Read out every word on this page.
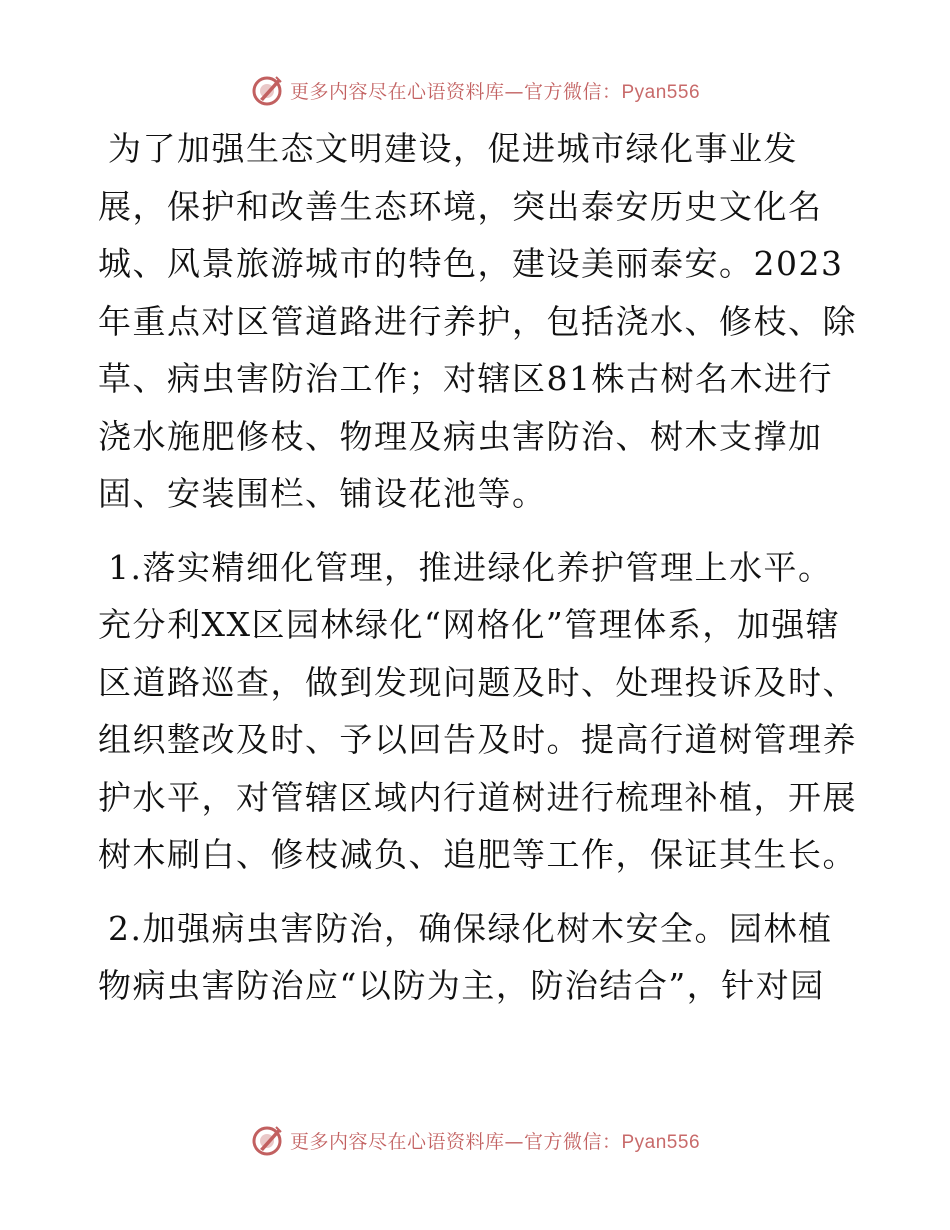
更多内容尽在心语资料库—官方微信：Pyan556

为了加强生态文明建设，促进城市绿化事业发展，保护和改善生态环境，突出泰安历史文化名城、风景旅游城市的特色，建设美丽泰安。2023年重点对区管道路进行养护，包括浇水、修枝、除草、病虫害防治工作；对辖区81株古树名木进行浇水施肥修枝、物理及病虫害防治、树木支撑加固、安装围栏、铺设花池等。

1.落实精细化管理，推进绿化养护管理上水平。充分利XX区园林绿化“网格化”管理体系，加强辖区道路巡查，做到发现问题及时、处理投诉及时、组织整改及时、予以回告及时。提高行道树管理养护水平，对管辖区域内行道树进行梳理补植，开展树木刷白、修枝减负、追肥等工作，保证其生长。

2.加强病虫害防治，确保绿化树木安全。园林植物病虫害防治应“以防为主，防治结合”，针对园

更多内容尽在心语资料库—官方微信：Pyan556
